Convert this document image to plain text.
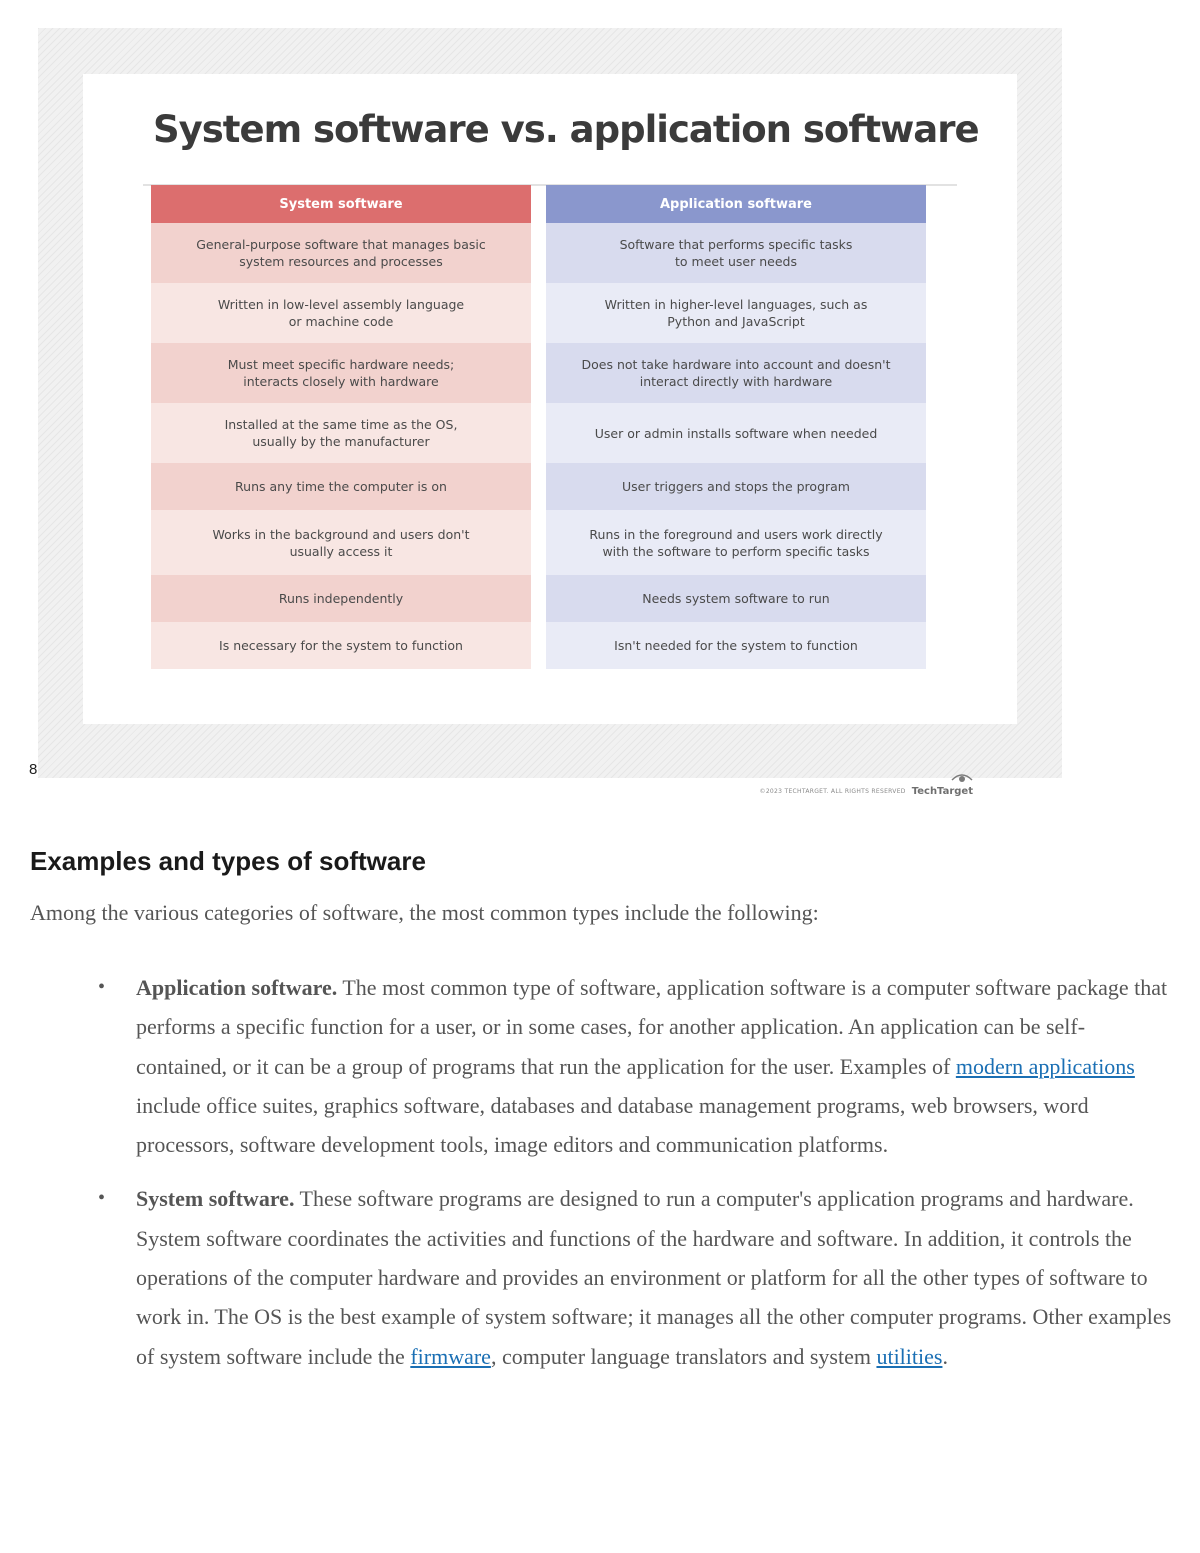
System software vs. application software
System software
General-purpose software that manages basic
system resources and processes
Written in low-level assembly language
or machine code
Must meet specific hardware needs;
interacts closely with hardware
Installed at the same time as the OS,
usually by the manufacturer
Runs any time the computer is on
Works in the background and users don't
usually access it
Runs independently
Is necessary for the system to function
Application software
Software that performs specific tasks
to meet user needs
Written in higher-level languages, such as
Python and JavaScript
Does not take hardware into account and doesn't
interact directly with hardware
User or admin installs software when needed
User triggers and stops the program
Runs in the foreground and users work directly
with the software to perform specific tasks
Needs system software to run
Isn't needed for the system to function
©2023 TECHTARGET. ALL RIGHTS RESERVED TechTarget
8
Examples and types of software

Among the various categories of software, the most common types include the following:

• Application software. The most common type of software, application software is a computer software package that performs a specific function for a user, or in some cases, for another application. An application can be self-contained, or it can be a group of programs that run the application for the user. Examples of modern applications include office suites, graphics software, databases and database management programs, web browsers, word processors, software development tools, image editors and communication platforms.
• System software. These software programs are designed to run a computer's application programs and hardware. System software coordinates the activities and functions of the hardware and software. In addition, it controls the operations of the computer hardware and provides an environment or platform for all the other types of software to work in. The OS is the best example of system software; it manages all the other computer programs. Other examples of system software include the firmware, computer language translators and system utilities.
